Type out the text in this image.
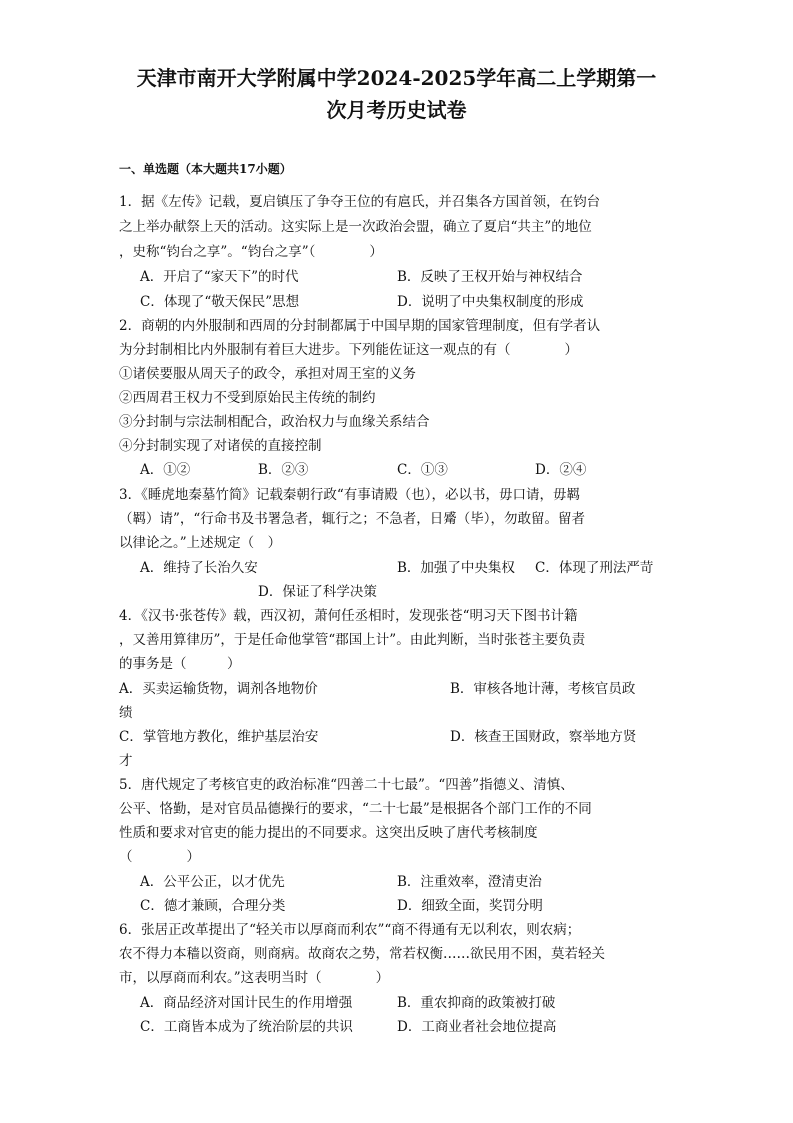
天津市南开大学附属中学2024-2025学年高二上学期第一
次月考历史试卷
一、单选题（本大题共17小题）
1．据《左传》记载，夏启镇压了争夺王位的有扈氏，并召集各方国首领，在钧台
之上举办献祭上天的活动。这实际上是一次政治会盟，确立了夏启“共主”的地位
，史称“钧台之享”。“钧台之享”（　　　　）
A．开启了“家天下”的时代	B．反映了王权开始与神权结合
C．体现了“敬天保民”思想	D．说明了中央集权制度的形成
2．商朝的内外服制和西周的分封制都属于中国早期的国家管理制度，但有学者认
为分封制相比内外服制有着巨大进步。下列能佐证这一观点的有（　　　　）
①诸侯要服从周天子的政令，承担对周王室的义务
②西周君王权力不受到原始民主传统的制约
③分封制与宗法制相配合，政治权力与血缘关系结合
④分封制实现了对诸侯的直接控制
A．①②	B．②③	C．①③	D．②④
3．《睡虎地秦墓竹简》记载秦朝行政“有事请殿（也），必以书，毋口请，毋羁
（羁）请”，“行命书及书署急者，辄行之；不急者，日觱（毕），勿敢留。留者
以律论之。”上述规定（　）
A．维持了长治久安	B．加强了中央集权 C．体现了刑法严苛
D．保证了科学决策
4．《汉书·张苍传》载，西汉初，萧何任丞相时，发现张苍“明习天下图书计籍
，又善用算律历”，于是任命他掌管“郡国上计”。由此判断，当时张苍主要负责
的事务是（　　　）
A．买卖运输货物，调剂各地物价	B．审核各地计薄，考核官员政
绩
C．掌管地方教化，维护基层治安	D．核查王国财政，察举地方贤
才
5．唐代规定了考核官吏的政治标准“四善二十七最”。“四善”指德义、清慎、
公平、恪勤，是对官员品德操行的要求，“二十七最”是根据各个部门工作的不同
性质和要求对官吏的能力提出的不同要求。这突出反映了唐代考核制度
（　　　　）
A．公平公正，以才优先	B．注重效率，澄清吏治
C．德才兼顾，合理分类	D．细致全面，奖罚分明
6．张居正改革提出了“轻关市以厚商而利农”“商不得通有无以利农，则农病；
农不得力本穑以资商，则商病。故商农之势，常若权衡……欲民用不困，莫若轻关
市，以厚商而利农。”这表明当时（　　　　）
A．商品经济对国计民生的作用增强	B．重农抑商的政策被打破
C．工商皆本成为了统治阶层的共识	D．工商业者社会地位提高
